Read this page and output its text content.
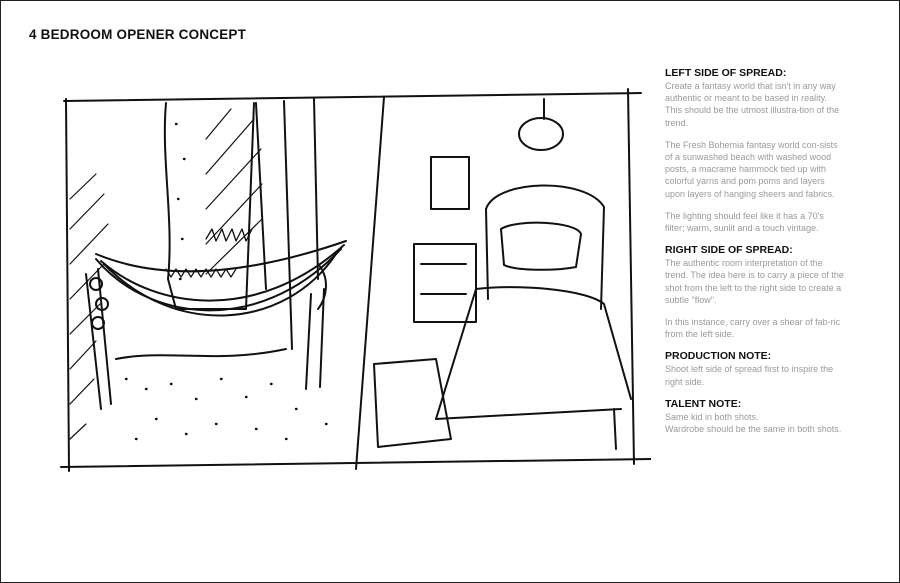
4 BEDROOM OPENER CONCEPT

LEFT SIDE OF SPREAD:

Create a fantasy world that isn't in any way authentic or meant to be based in reality. This should be the utmost illustra-tion of the trend.

The Fresh Bohemia fantasy world con-sists of a sunwashed beach with washed wood posts, a macrame hammock tied up with colorful yarns and pom poms and layers upon layers of hanging sheers and fabrics.

The lighting should feel like it has a 70's filter; warm, sunlit and a touch vintage.

RIGHT SIDE OF SPREAD:

The authentic room interpretation of the trend. The idea here is to carry a piece of the shot from the left to the right side to create a subtle "flow".

In this instance, carry over a shear of fab-ric from the left side.

PRODUCTION NOTE:

Shoot left side of spread first to inspire the right side.

TALENT NOTE:

Same kid in both shots.

Wardrobe should be the same in both shots.
